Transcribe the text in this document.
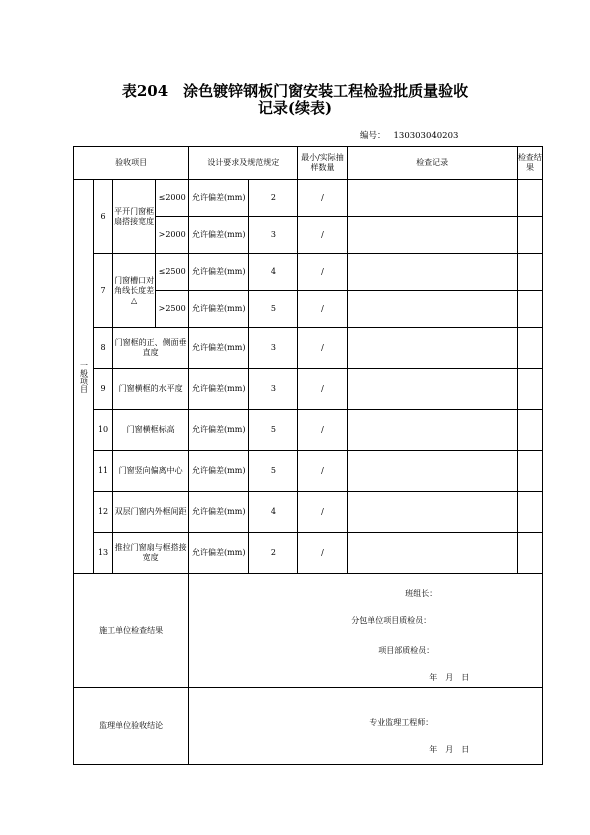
表204　涂色镀锌钢板门窗安装工程检验批质量验收
记录(续表)
编号： 130303040203
验收项目				设计要求及规范规定		最小/实际抽样数量	检查记录	检查结果

一般项目	6	平开门窗框扇搭接宽度	≤2000	允许偏差(mm)	2	/		
			>2000	允许偏差(mm)	3	/		
	7	门窗槽口对角线长度差△	≤2500	允许偏差(mm)	4	/		
			>2500	允许偏差(mm)	5	/		
	8	门窗框的正、侧面垂直度		允许偏差(mm)	3	/		
	9	门窗横框的水平度		允许偏差(mm)	3	/		
	10	门窗横框标高		允许偏差(mm)	5	/		
	11	门窗竖向偏离中心		允许偏差(mm)	5	/		
	12	双层门窗内外框间距		允许偏差(mm)	4	/		
	13	推拉门窗扇与框搭接宽度		允许偏差(mm)	2	/		
施工单位检查结果				班组长：
分包单位项目质检员：
项目部质检员：
年　月　日				

监理单位验收结论				专业监理工程师：
年　月　日				
